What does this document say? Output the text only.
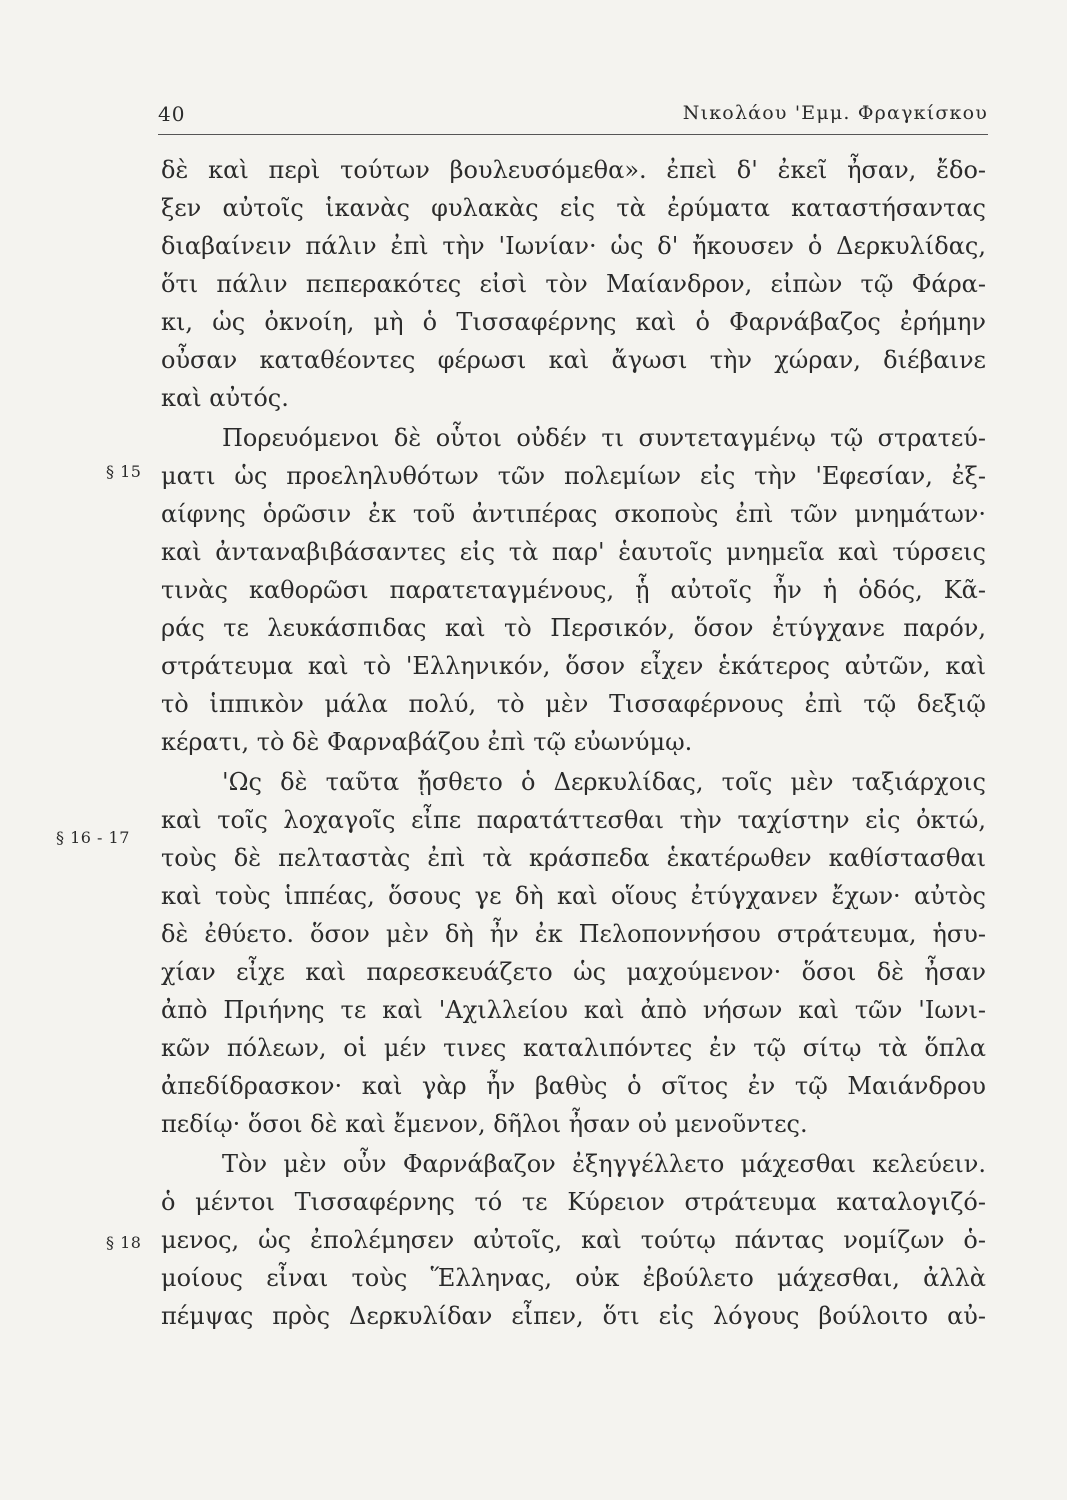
40	Νικολάου 'Εμμ. Φραγκίσκου
§ 15
§ 16 - 17
§ 18
δὲ καὶ περὶ τούτων βουλευσόμεθα». ἐπεὶ δ' ἐκεῖ ἦσαν, ἔδο-
ξεν αὐτοῖς ἱκανὰς φυλακὰς εἰς τὰ ἐρύματα καταστήσαντας
διαβαίνειν πάλιν ἐπὶ τὴν 'Ιωνίαν· ὡς δ' ἤκουσεν ὁ Δερκυλίδας,
ὅτι πάλιν πεπερακότες εἰσὶ τὸν Μαίανδρον, εἰπὼν τῷ Φάρα-
κι, ὡς ὀκνοίη, μὴ ὁ Τισσαφέρνης καὶ ὁ Φαρνάβαζος ἐρήμην
οὖσαν καταθέοντες φέρωσι καὶ ἄγωσι τὴν χώραν, διέβαινε
καὶ αὐτός.
Πορευόμενοι δὲ οὗτοι οὐδέν τι συντεταγμένῳ τῷ στρατεύ-
ματι ὡς προεληλυθότων τῶν πολεμίων εἰς τὴν 'Εφεσίαν, ἐξ-
αίφνης ὁρῶσιν ἐκ τοῦ ἀντιπέρας σκοποὺς ἐπὶ τῶν μνημάτων·
καὶ ἀνταναβιβάσαντες εἰς τὰ παρ' ἑαυτοῖς μνημεῖα καὶ τύρσεις
τινὰς καθορῶσι παρατεταγμένους, ᾗ αὐτοῖς ἦν ἡ ὁδός, Κᾶ-
ράς τε λευκάσπιδας καὶ τὸ Περσικόν, ὅσον ἐτύγχανε παρόν,
στράτευμα καὶ τὸ 'Ελληνικόν, ὅσον εἶχεν ἑκάτερος αὐτῶν, καὶ
τὸ ἱππικὸν μάλα πολύ, τὸ μὲν Τισσαφέρνους ἐπὶ τῷ δεξιῷ
κέρατι, τὸ δὲ Φαρναβάζου ἐπὶ τῷ εὐωνύμῳ.
'Ως δὲ ταῦτα ᾔσθετο ὁ Δερκυλίδας, τοῖς μὲν ταξιάρχοις
καὶ τοῖς λοχαγοῖς εἶπε παρατάττεσθαι τὴν ταχίστην εἰς ὀκτώ,
τοὺς δὲ πελταστὰς ἐπὶ τὰ κράσπεδα ἑκατέρωθεν καθίστασθαι
καὶ τοὺς ἱππέας, ὅσους γε δὴ καὶ οἵους ἐτύγχανεν ἔχων· αὐτὸς
δὲ ἐθύετο. ὅσον μὲν δὴ ἦν ἐκ Πελοποννήσου στράτευμα, ἡσυ-
χίαν εἶχε καὶ παρεσκευάζετο ὡς μαχούμενον· ὅσοι δὲ ἦσαν
ἀπὸ Πριήνης τε καὶ 'Αχιλλείου καὶ ἀπὸ νήσων καὶ τῶν 'Ιωνι-
κῶν πόλεων, οἱ μέν τινες καταλιπόντες ἐν τῷ σίτῳ τὰ ὅπλα
ἀπεδίδρασκον· καὶ γὰρ ἦν βαθὺς ὁ σῖτος ἐν τῷ Μαιάνδρου
πεδίῳ· ὅσοι δὲ καὶ ἔμενον, δῆλοι ἦσαν οὐ μενοῦντες.
Τὸν μὲν οὖν Φαρνάβαζον ἐξηγγέλλετο μάχεσθαι κελεύειν.
ὁ μέντοι Τισσαφέρνης τό τε Κύρειον στράτευμα καταλογιζό-
μενος, ὡς ἐπολέμησεν αὐτοῖς, καὶ τούτῳ πάντας νομίζων ὁ-
μοίους εἶναι τοὺς Ἕλληνας, οὐκ ἐβούλετο μάχεσθαι, ἀλλὰ
πέμψας πρὸς Δερκυλίδαν εἶπεν, ὅτι εἰς λόγους βούλοιτο αὐ-
